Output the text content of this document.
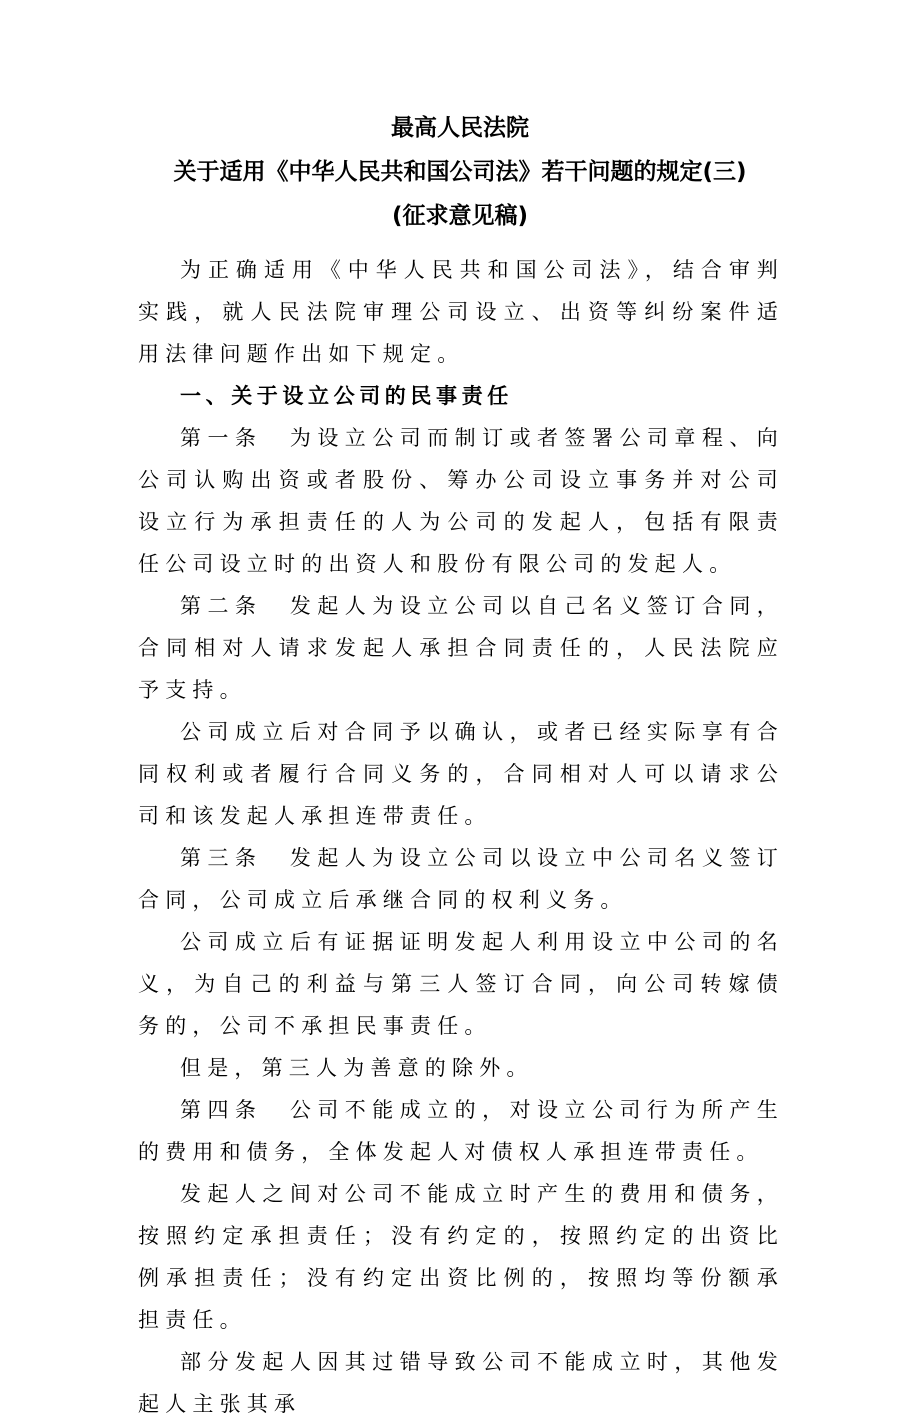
最高人民法院
关于适用《中华人民共和国公司法》若干问题的规定(三)
(征求意见稿)

为正确适用《中华人民共和国公司法》，结合审判实践，就人民法院审理公司设立、出资等纠纷案件适用法律问题作出如下规定。

一、关于设立公司的民事责任

第一条　为设立公司而制订或者签署公司章程、向公司认购出资或者股份、筹办公司设立事务并对公司设立行为承担责任的人为公司的发起人，包括有限责任公司设立时的出资人和股份有限公司的发起人。

第二条　发起人为设立公司以自己名义签订合同，合同相对人请求发起人承担合同责任的，人民法院应予支持。

公司成立后对合同予以确认，或者已经实际享有合同权利或者履行合同义务的，合同相对人可以请求公司和该发起人承担连带责任。

第三条　发起人为设立公司以设立中公司名义签订合同，公司成立后承继合同的权利义务。

公司成立后有证据证明发起人利用设立中公司的名义，为自己的利益与第三人签订合同，向公司转嫁债务的，公司不承担民事责任。

但是，第三人为善意的除外。

第四条　公司不能成立的，对设立公司行为所产生的费用和债务，全体发起人对债权人承担连带责任。

发起人之间对公司不能成立时产生的费用和债务，按照约定承担责任；没有约定的，按照约定的出资比例承担责任；没有约定出资比例的，按照均等份额承担责任。

部分发起人因其过错导致公司不能成立时，其他发起人主张其承
